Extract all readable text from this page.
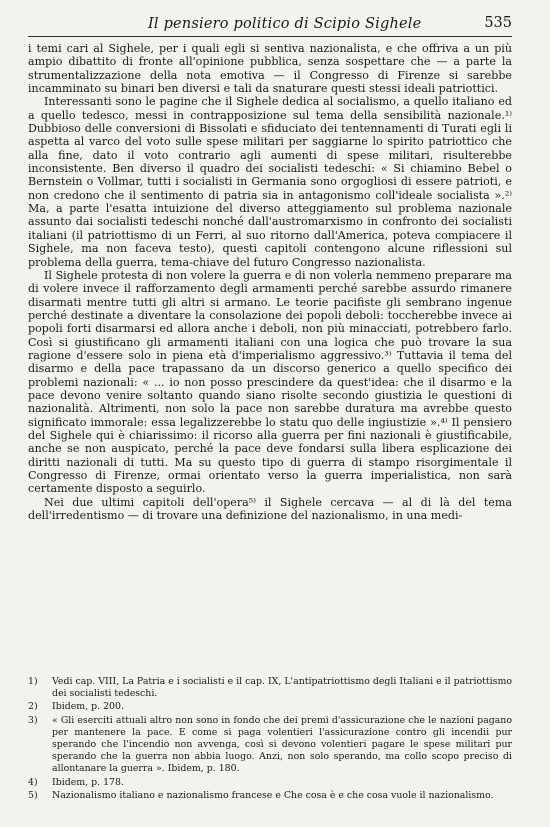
Il pensiero politico di Scipio Sighele	535

i temi cari al Sighele, per i quali egli si sentiva nazionalista, e che offriva a un più ampio dibattito di fronte all'opinione pubblica, senza sospettare che — a parte la strumentalizzazione della nota emotiva — il Congresso di Firenze si sarebbe incamminato su binari ben diversi e tali da snaturare questi stessi ideali patriottici.

Interessanti sono le pagine che il Sighele dedica al socialismo, a quello italiano ed a quello tedesco, messi in contrapposizione sul tema della sensibilità nazionale.¹⁾ Dubbioso delle conversioni di Bissolati e sfiduciato dei tentennamenti di Turati egli li aspetta al varco del voto sulle spese militari per saggiarne lo spirito patriottico che alla fine, dato il voto contrario agli aumenti di spese militari, risulterebbe inconsistente. Ben diverso il quadro dei socialisti tedeschi: « Si chiamino Bebel o Bernstein o Vollmar, tutti i socialisti in Germania sono orgogliosi di essere patrioti, e non credono che il sentimento di patria sia in antagonismo coll'ideale socialista ».²⁾ Ma, a parte l'esatta intuizione del diverso atteggiamento sul problema nazionale assunto dai socialisti tedeschi nonché dall'austromarxismo in confronto dei socialisti italiani (il patriottismo di un Ferri, al suo ritorno dall'America, poteva compiacere il Sighele, ma non faceva testo), questi capitoli contengono alcune riflessioni sul problema della guerra, tema-chiave del futuro Congresso nazionalista.

Il Sighele protesta di non volere la guerra e di non volerla nemmeno preparare ma di volere invece il rafforzamento degli armamenti perché sarebbe assurdo rimanere disarmati mentre tutti gli altri si armano. Le teorie pacifiste gli sembrano ingenue perché destinate a diventare la consolazione dei popoli deboli: toccherebbe invece ai popoli forti disarmarsi ed allora anche i deboli, non più minacciati, potrebbero farlo. Così si giustificano gli armamenti italiani con una logica che può trovare la sua ragione d'essere solo in piena età d'imperialismo aggressivo.³⁾ Tuttavia il tema del disarmo e della pace trapassano da un discorso generico a quello specifico dei problemi nazionali: « ... io non posso prescindere da quest'idea: che il disarmo e la pace devono venire soltanto quando siano risolte secondo giustizia le questioni di nazionalità. Altrimenti, non solo la pace non sarebbe duratura ma avrebbe questo significato immorale: essa legalizzerebbe lo statu quo delle ingiustizie ».⁴⁾ Il pensiero del Sighele qui è chiarissimo: il ricorso alla guerra per fini nazionali è giustificabile, anche se non auspicato, perché la pace deve fondarsi sulla libera esplicazione dei diritti nazionali di tutti. Ma su questo tipo di guerra di stampo risorgimentale il Congresso di Firenze, ormai orientato verso la guerra imperialistica, non sarà certamente disposto a seguirlo.

Nei due ultimi capitoli dell'opera⁵⁾ il Sighele cercava — al di là del tema dell'irredentismo — di trovare una definizione del nazionalismo, in una medi-

1)	Vedi cap. VIII, La Patria e i socialisti e il cap. IX, L'antipatriottismo degli Italiani e il patriottismo dei socialisti tedeschi.
2)	Ibidem, p. 200.
3)	« Gli eserciti attuali altro non sono in fondo che dei premi d'assicurazione che le nazioni pagano per mantenere la pace. E come si paga volentieri l'assicurazione contro gli incendii pur sperando che l'incendio non avvenga, così si devono volentieri pagare le spese militari pur sperando che la guerra non abbia luogo. Anzi, non solo sperando, ma collo scopo preciso di allontanare la guerra ». Ibidem, p. 180.
4)	Ibidem, p. 178.
5)	Nazionalismo italiano e nazionalismo francese e Che cosa è e che cosa vuole il nazionalismo.
